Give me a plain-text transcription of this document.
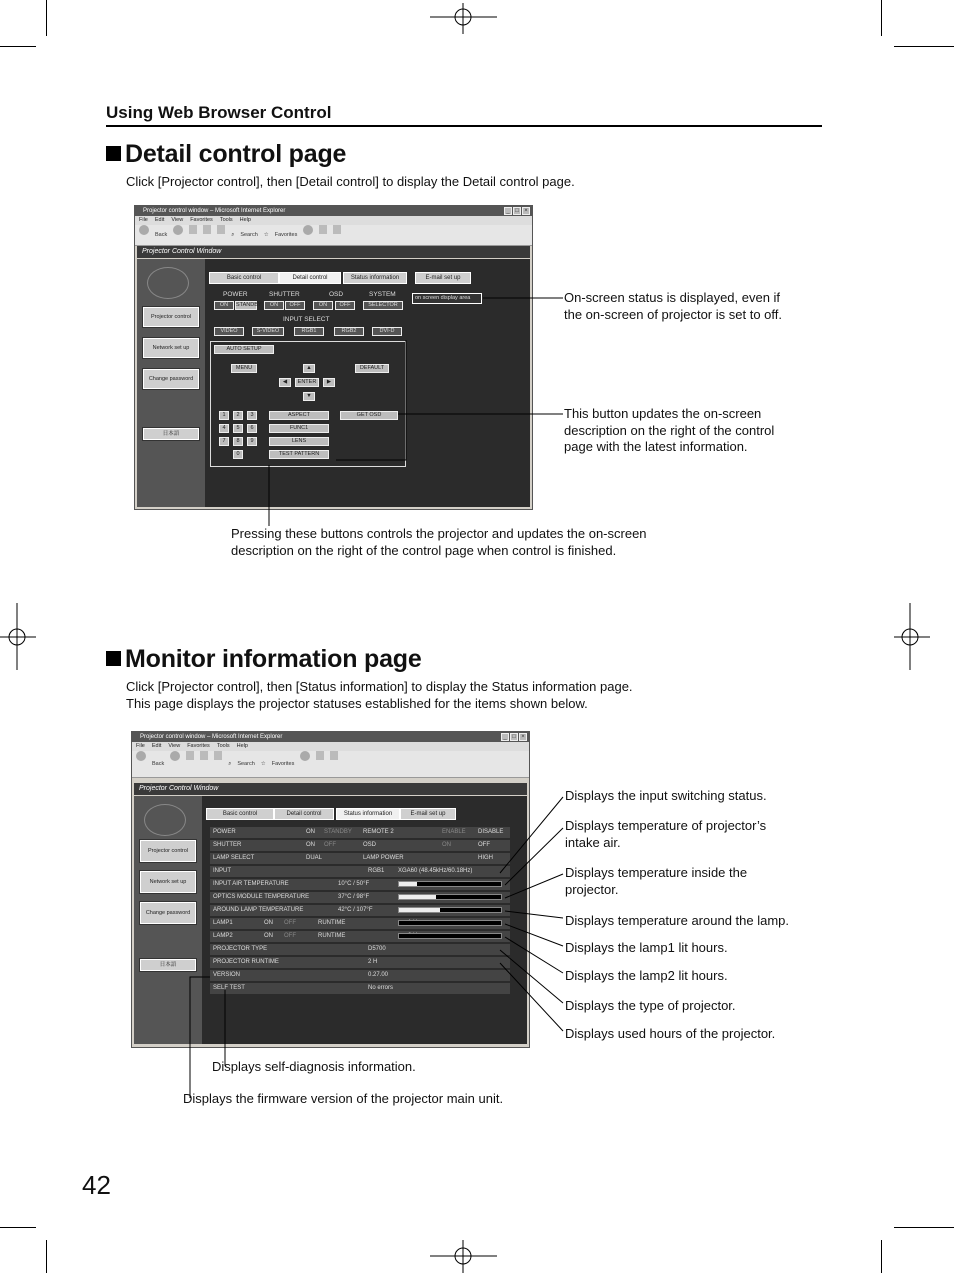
Using Web Browser Control
Detail control page
Click [Projector control], then [Detail control] to display the Detail control page.
Projector control window – Microsoft Internet Explorer	_ □ ×
File Edit View Favorites Tools Help
Back	⌕ Search ☆ Favorites
Projector Control Window
Projector control
Network set up
Change password
日本語
Basic control	Detail control	Status information	E-mail set up
POWER	SHUTTER	OSD	SYSTEM
ON	STANDBY	ON	OFF	ON	OFF	SELECTOR
on screen display area
INPUT SELECT
VIDEO	S-VIDEO	RGB1	RGB2	DVI-D
AUTO SETUP
MENU	DEFAULT
▲
◀	ENTER	▶
▼
1	2	3
4	5	6
7	8	9
0
ASPECT
FUNC1
LENS
TEST PATTERN
GET OSD
On-screen status is displayed, even if
the on-screen of projector is set to off.
This button updates the on-screen
description on the right of the control
page with the latest information.
Pressing these buttons controls the projector and updates the on-screen
description on the right of the control page when control is finished.
Monitor information page
Click [Projector control], then [Status information] to display the Status information page.
This page displays the projector statuses established for the items shown below.
Projector control window – Microsoft Internet Explorer	_ □ ×
File Edit View Favorites Tools Help
Back	⌕ Search ☆ Favorites
Projector Control Window
Projector control
Network set up
Change password
日本語
Basic control	Detail control	Status information	E-mail set up
POWER	ON STANDBY REMOTE 2	ENABLE DISABLE
SHUTTER	ON OFF	OSD	ON	OFF
LAMP SELECT	DUAL	LAMP POWER	HIGH
INPUT	RGB1 XGA60 (48.45kHz/60.18Hz)
INPUT AIR TEMPERATURE	10°C / 50°F
OPTICS MODULE TEMPERATURE	37°C / 98°F
AROUND LAMP TEMPERATURE	42°C / 107°F
LAMP1	ON OFF	RUNTIME
LAMP2	ON OFF	RUNTIME
PROJECTOR TYPE	D5700
PROJECTOR RUNTIME	2 H
VERSION	0.27.00
SELF TEST	No errors
Displays the input switching status.
Displays temperature of projector’s
intake air.
Displays temperature inside the
projector.
Displays temperature around the lamp.
Displays the lamp1 lit hours.
Displays the lamp2 lit hours.
Displays the type of projector.
Displays used hours of the projector.
Displays self-diagnosis information.
Displays the firmware version of the projector main unit.
42
